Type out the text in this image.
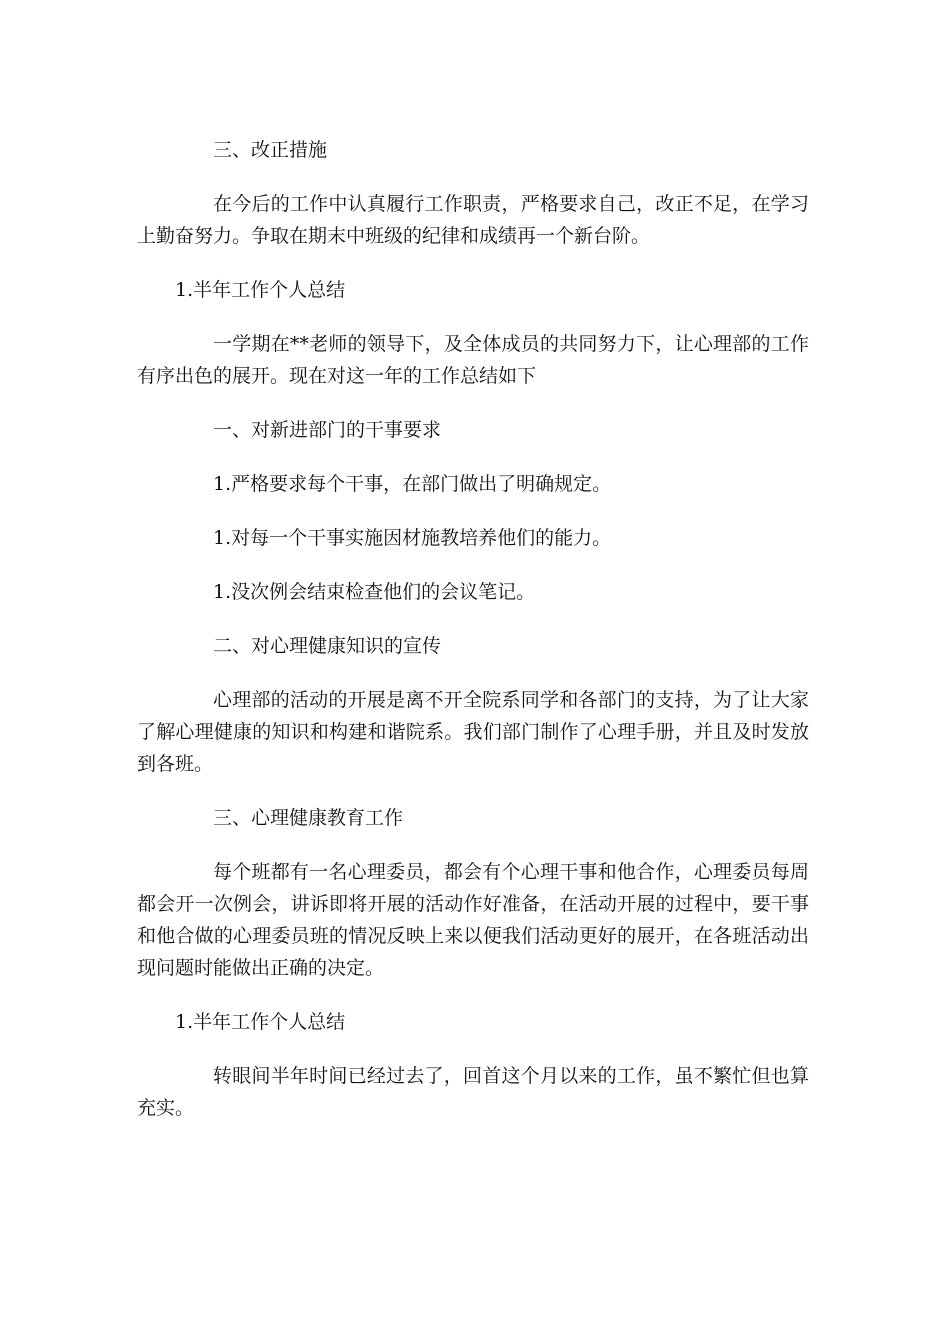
三、改正措施

在今后的工作中认真履行工作职责，严格要求自己，改正不足，在学习上勤奋努力。争取在期末中班级的纪律和成绩再一个新台阶。

1.半年工作个人总结

一学期在**老师的领导下，及全体成员的共同努力下，让心理部的工作有序出色的展开。现在对这一年的工作总结如下

一、对新进部门的干事要求

1.严格要求每个干事，在部门做出了明确规定。

1.对每一个干事实施因材施教培养他们的能力。

1.没次例会结束检查他们的会议笔记。

二、对心理健康知识的宣传

心理部的活动的开展是离不开全院系同学和各部门的支持，为了让大家了解心理健康的知识和构建和谐院系。我们部门制作了心理手册，并且及时发放到各班。

三、心理健康教育工作

每个班都有一名心理委员，都会有个心理干事和他合作，心理委员每周都会开一次例会，讲诉即将开展的活动作好准备，在活动开展的过程中，要干事和他合做的心理委员班的情况反映上来以便我们活动更好的展开，在各班活动出现问题时能做出正确的决定。

1.半年工作个人总结

转眼间半年时间已经过去了，回首这个月以来的工作，虽不繁忙但也算充实。
